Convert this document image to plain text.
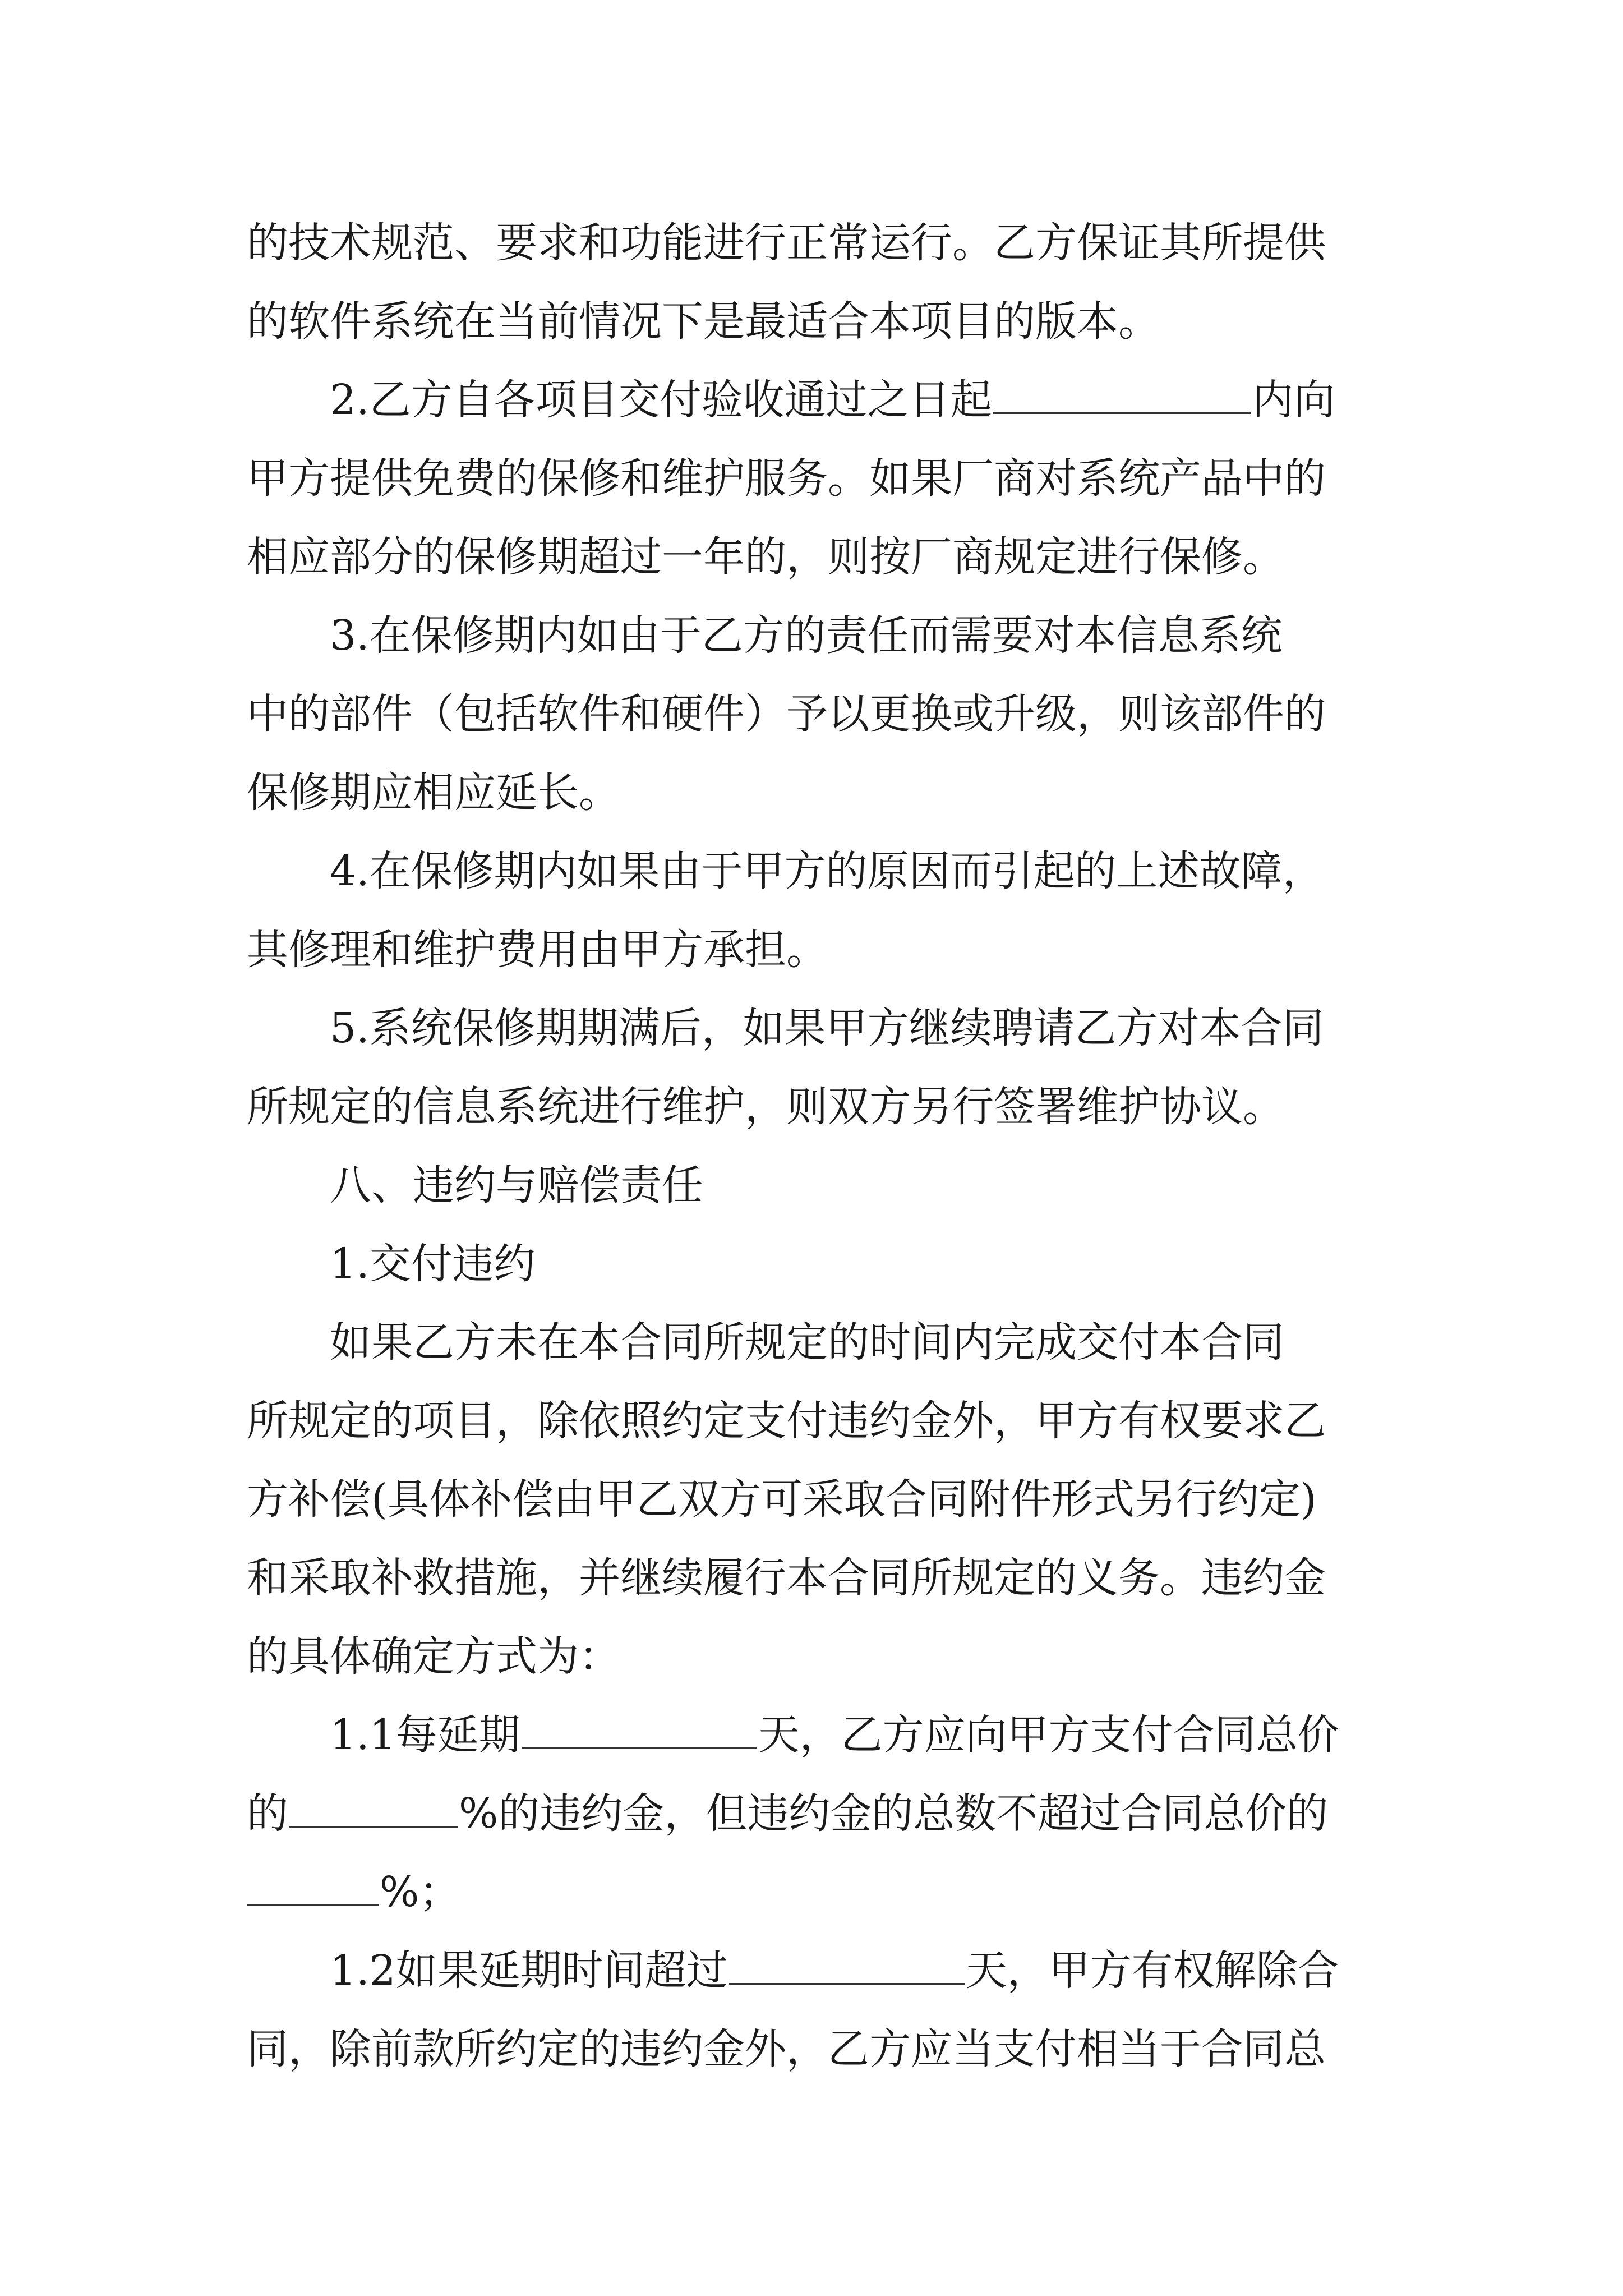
的技术规范、要求和功能进行正常运行。乙方保证其所提供
的软件系统在当前情况下是最适合本项目的版本。
2.乙方自各项目交付验收通过之日起	内向
甲方提供免费的保修和维护服务。如果厂商对系统产品中的
相应部分的保修期超过一年的，则按厂商规定进行保修。
3.在保修期内如由于乙方的责任而需要对本信息系统
中的部件（包括软件和硬件）予以更换或升级，则该部件的
保修期应相应延长。
4.在保修期内如果由于甲方的原因而引起的上述故障，
其修理和维护费用由甲方承担。
5.系统保修期期满后，如果甲方继续聘请乙方对本合同
所规定的信息系统进行维护，则双方另行签署维护协议。
八、违约与赔偿责任
1.交付违约
如果乙方未在本合同所规定的时间内完成交付本合同
所规定的项目，除依照约定支付违约金外，甲方有权要求乙
方补偿(具体补偿由甲乙双方可采取合同附件形式另行约定)
和采取补救措施，并继续履行本合同所规定的义务。违约金
的具体确定方式为：
1.1每延期	天，乙方应向甲方支付合同总价
的	%的违约金，但违约金的总数不超过合同总价的
%；
1.2如果延期时间超过	天，甲方有权解除合
同，除前款所约定的违约金外，乙方应当支付相当于合同总
